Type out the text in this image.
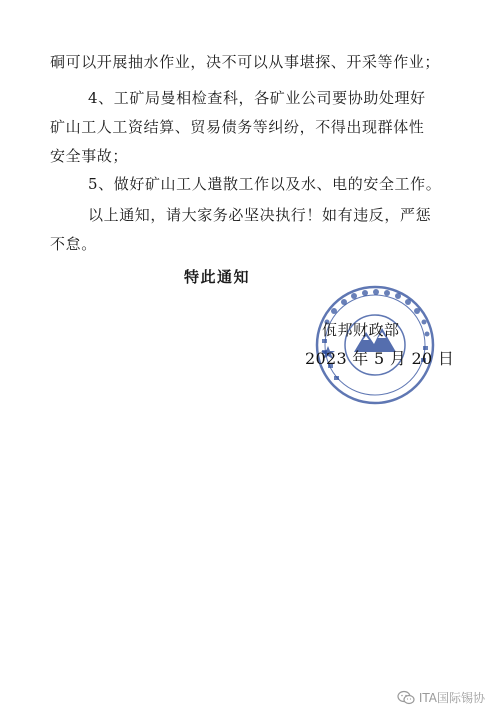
硐可以开展抽水作业，决不可以从事堪探、开采等作业；
4、工矿局曼相检查科，各矿业公司要协助处理好
矿山工人工资结算、贸易债务等纠纷，不得出现群体性
安全事故；
5、做好矿山工人遣散工作以及水、电的安全工作。
以上通知，请大家务必坚决执行！如有违反，严惩
不怠。
特此通知
佤邦财政部
2023 年 5 月 20 日
ITA国际锡协
